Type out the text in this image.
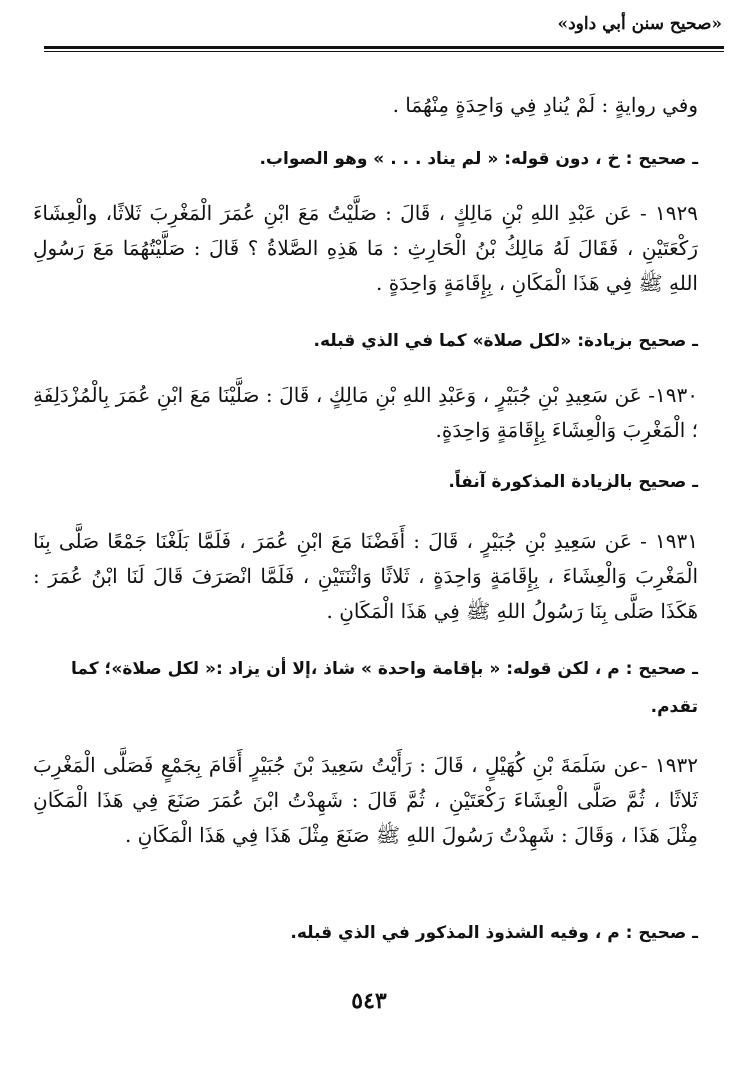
«صحيح سنن أبي داود»

وفي روايةٍ : لَمْ يُنادِ فِي وَاحِدَةٍ مِنْهُمَا .

ـ صحيح : خ ، دون قوله: « لم يناد . . . » وهو الصواب.

١٩٢٩ - عَن عَبْدِ اللهِ بْنِ مَالِكٍ ، قَالَ : صَلَّيْتُ مَعَ ابْنِ عُمَرَ الْمَغْرِبَ ثَلاثًا، والْعِشَاءَ رَكْعَتَيْنِ ، فَقَالَ لَهُ مَالِكُ بْنُ الْحَارِثِ : مَا هَذِهِ الصَّلاةُ ؟ قَالَ : صَلَّيْتُهُمَا مَعَ رَسُولِ اللهِ ﷺ فِي هَذَا الْمَكَانِ ، بِإِقَامَةٍ وَاحِدَةٍ .

ـ صحيح بزيادة: «لكل صلاة» كما في الذي قبله.

١٩٣٠- عَن سَعِيدِ بْنِ جُبَيْرٍ ، وَعَبْدِ اللهِ بْنِ مَالِكٍ ، قَالَ : صَلَّيْنَا مَعَ ابْنِ عُمَرَ بِالْمُزْدَلِفَةِ ؛ الْمَغْرِبَ وَالْعِشَاءَ بِإِقَامَةٍ وَاحِدَةٍ.

ـ صحيح بالزيادة المذكورة آنفاً.

١٩٣١ - عَن سَعِيدِ بْنِ جُبَيْرٍ ، قَالَ : أَفَضْنَا مَعَ ابْنِ عُمَرَ ، فَلَمَّا بَلَغْنَا جَمْعًا صَلَّى بِنَا الْمَغْرِبَ وَالْعِشَاءَ ، بِإِقَامَةٍ وَاحِدَةٍ ، ثَلاثًا وَاثْنَتَيْنِ ، فَلَمَّا انْصَرَفَ قَالَ لَنَا ابْنُ عُمَرَ : هَكَذَا صَلَّى بِنَا رَسُولُ اللهِ ﷺ فِي هَذَا الْمَكَانِ .

ـ صحيح : م ، لكن قوله: « بإقامة واحدة » شاذ ،إلا أن يزاد :« لكل صلاة»؛ كما تقدم.

١٩٣٢ -عن سَلَمَةَ بْنِ كُهَيْلٍ ، قَالَ : رَأَيْتُ سَعِيدَ بْنَ جُبَيْرٍ أَقَامَ بِجَمْعٍ فَصَلَّى الْمَغْرِبَ ثَلاثًا ، ثُمَّ صَلَّى الْعِشَاءَ رَكْعَتَيْنِ ، ثُمَّ قَالَ : شَهِدْتُ ابْنَ عُمَرَ صَنَعَ فِي هَذَا الْمَكَانِ مِثْلَ هَذَا ، وَقَالَ : شَهِدْتُ رَسُولَ اللهِ ﷺ صَنَعَ مِثْلَ هَذَا فِي هَذَا الْمَكَانِ .

ـ صحيح : م ، وفيه الشذوذ المذكور في الذي قبله.

٥٤٣
